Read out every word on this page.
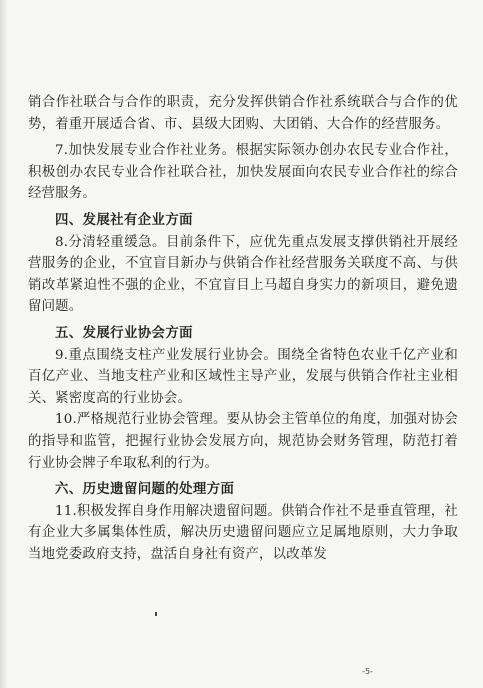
销合作社联合与合作的职责，充分发挥供销合作社系统联合与合作的优势，着重开展适合省、市、县级大团购、大团销、大合作的经营服务。

7.加快发展专业合作社业务。根据实际领办创办农民专业合作社，积极创办农民专业合作社联合社，加快发展面向农民专业合作社的综合经营服务。

四、发展社有企业方面

8.分清轻重缓急。目前条件下，应优先重点发展支撑供销社开展经营服务的企业，不宜盲目新办与供销合作社经营服务关联度不高、与供销改革紧迫性不强的企业，不宜盲目上马超自身实力的新项目，避免遗留问题。

五、发展行业协会方面

9.重点围绕支柱产业发展行业协会。围绕全省特色农业千亿产业和百亿产业、当地支柱产业和区域性主导产业，发展与供销合作社主业相关、紧密度高的行业协会。

10.严格规范行业协会管理。要从协会主管单位的角度，加强对协会的指导和监管，把握行业协会发展方向，规范协会财务管理，防范打着行业协会牌子牟取私利的行为。

六、历史遗留问题的处理方面

11.积极发挥自身作用解决遗留问题。供销合作社不是垂直管理，社有企业大多属集体性质，解决历史遗留问题应立足属地原则，大力争取当地党委政府支持，盘活自身社有资产，以改革发

-5-
